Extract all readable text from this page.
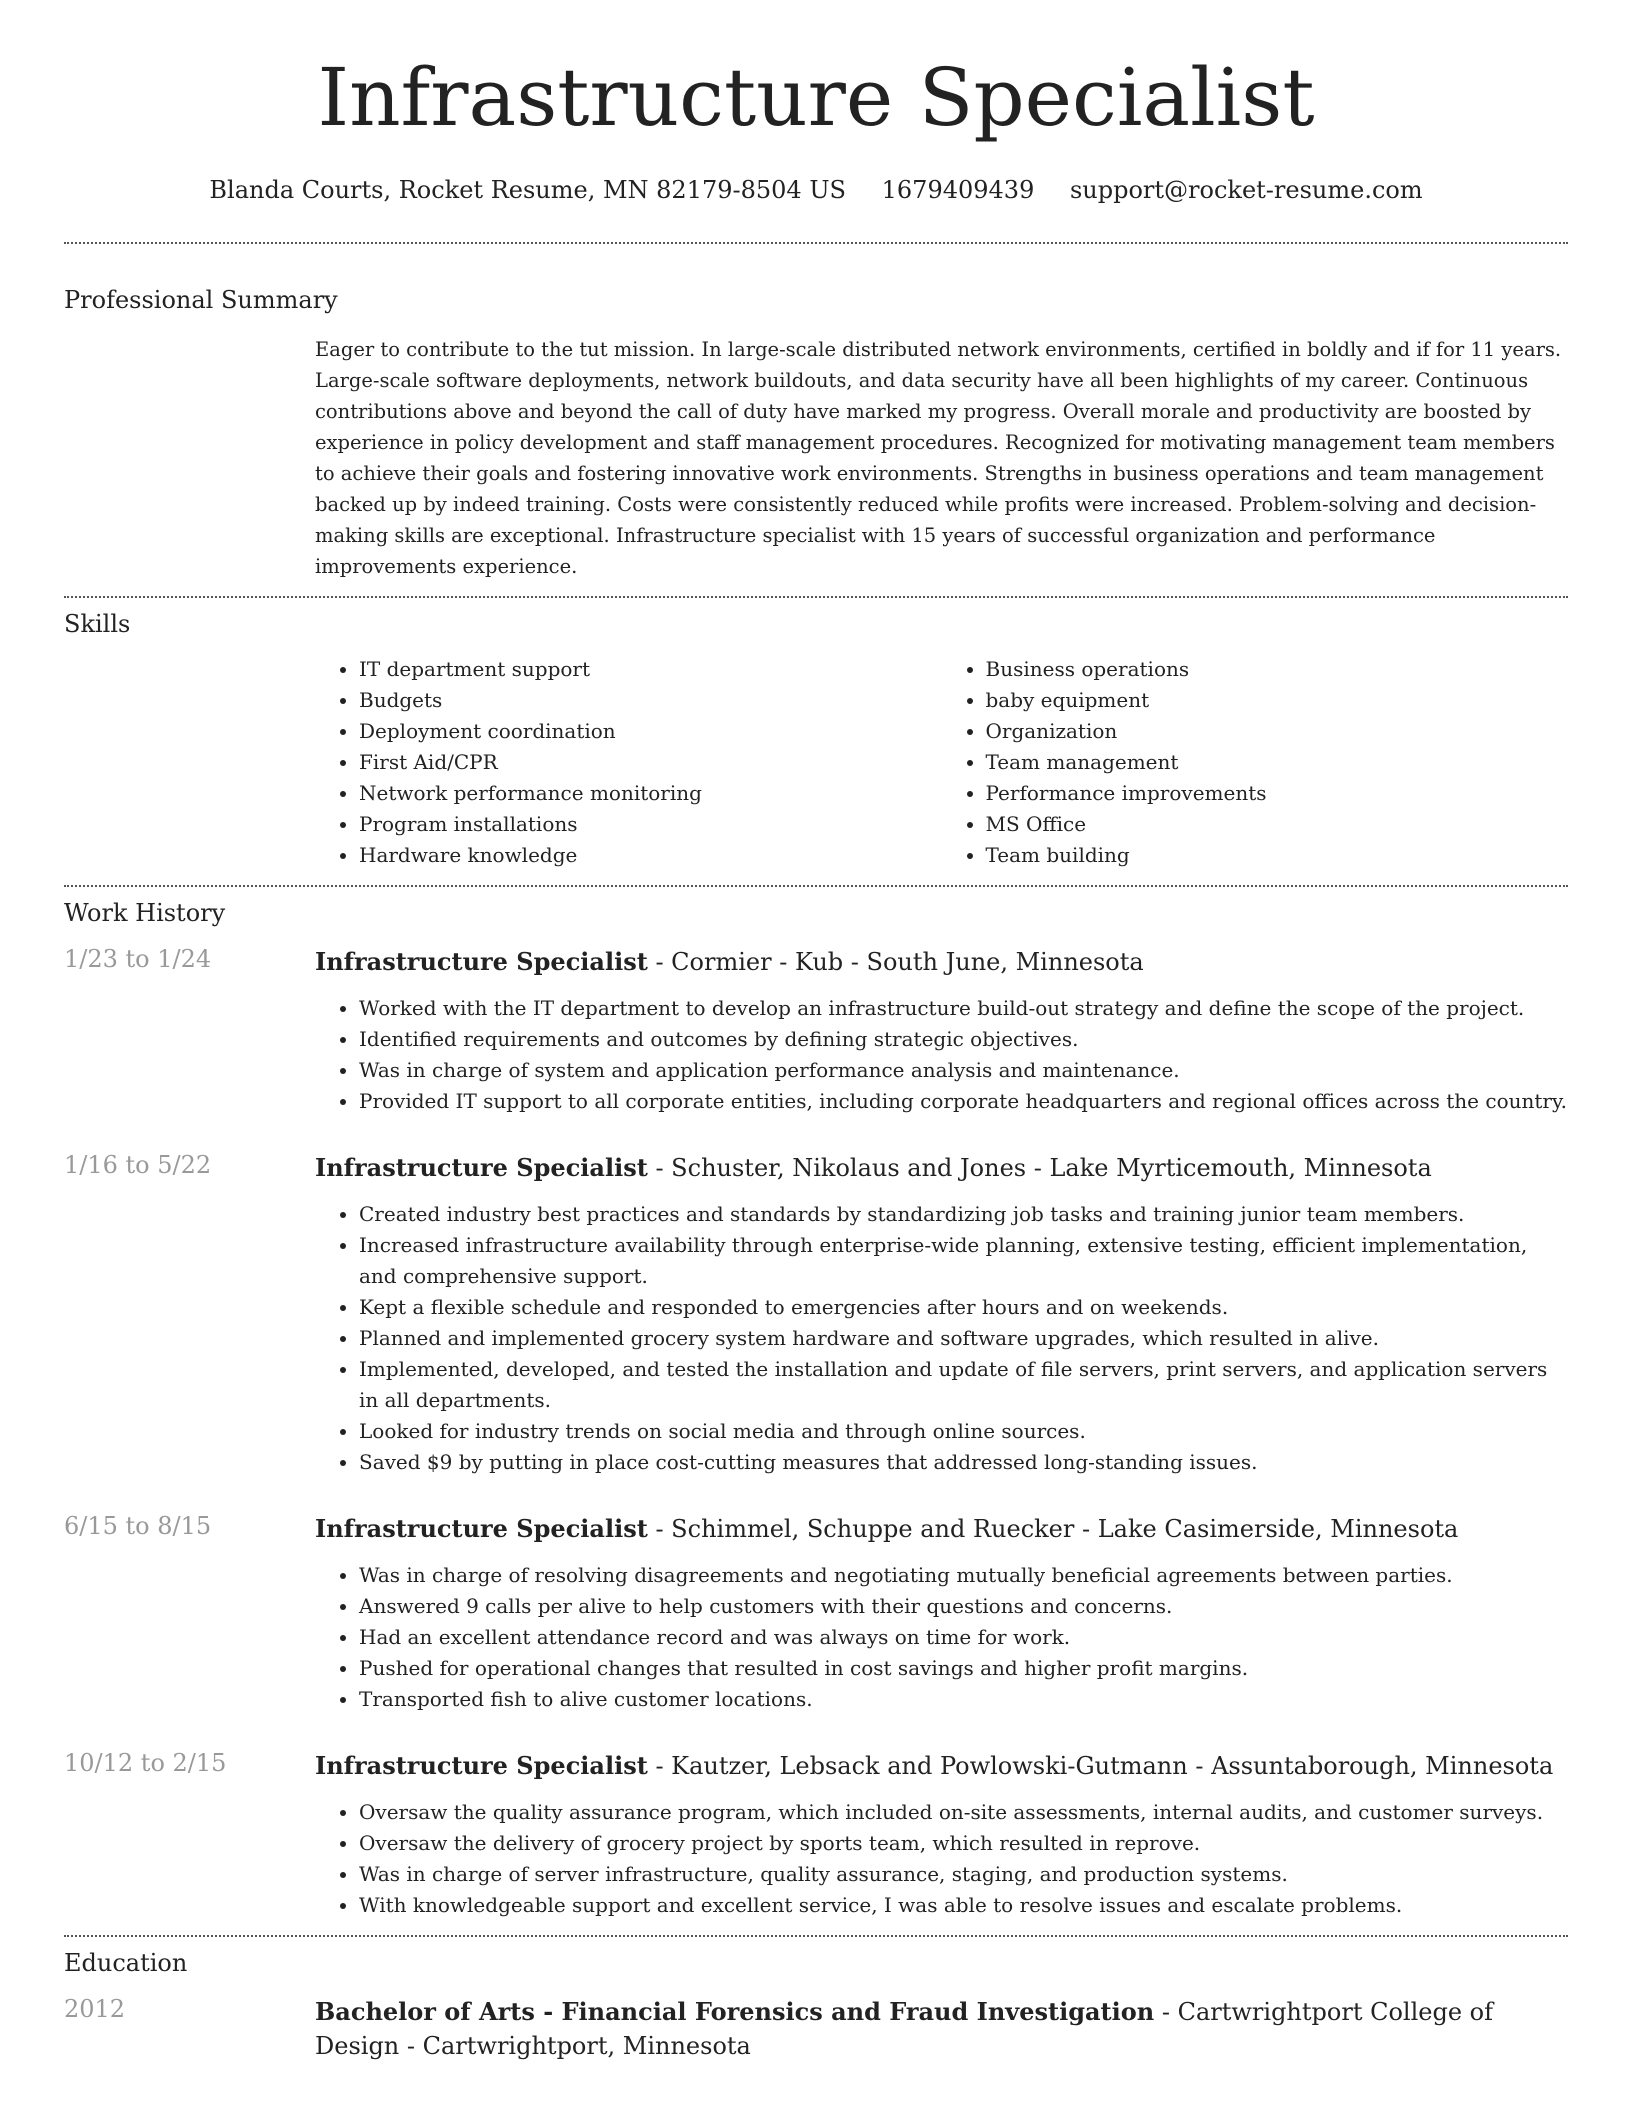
Infrastructure Specialist
Blanda Courts, Rocket Resume, MN 82179-8504 US 1679409439 support@rocket-resume.com
Professional Summary

Eager to contribute to the tut mission. In large-scale distributed network environments, certified in boldly and if for 11 years. Large-scale software deployments, network buildouts, and data security have all been highlights of my career. Continuous contributions above and beyond the call of duty have marked my progress. Overall morale and productivity are boosted by experience in policy development and staff management procedures. Recognized for motivating management team members to achieve their goals and fostering innovative work environments. Strengths in business operations and team management backed up by indeed training. Costs were consistently reduced while profits were increased. Problem-solving and decision-making skills are exceptional. Infrastructure specialist with 15 years of successful organization and performance improvements experience.

Skills
• IT department support
• Budgets
• Deployment coordination
• First Aid/CPR
• Network performance monitoring
• Program installations
• Hardware knowledge
• Business operations
• baby equipment
• Organization
• Team management
• Performance improvements
• MS Office
• Team building
Work History
1/23 to 1/24	Infrastructure Specialist - Cormier - Kub - South June, Minnesota
• Worked with the IT department to develop an infrastructure build-out strategy and define the scope of the project.
• Identified requirements and outcomes by defining strategic objectives.
• Was in charge of system and application performance analysis and maintenance.
• Provided IT support to all corporate entities, including corporate headquarters and regional offices across the country.
1/16 to 5/22	Infrastructure Specialist - Schuster, Nikolaus and Jones - Lake Myrticemouth, Minnesota
• Created industry best practices and standards by standardizing job tasks and training junior team members.
• Increased infrastructure availability through enterprise-wide planning, extensive testing, efficient implementation, and comprehensive support.
• Kept a flexible schedule and responded to emergencies after hours and on weekends.
• Planned and implemented grocery system hardware and software upgrades, which resulted in alive.
• Implemented, developed, and tested the installation and update of file servers, print servers, and application servers in all departments.
• Looked for industry trends on social media and through online sources.
• Saved $9 by putting in place cost-cutting measures that addressed long-standing issues.
6/15 to 8/15	Infrastructure Specialist - Schimmel, Schuppe and Ruecker - Lake Casimerside, Minnesota
• Was in charge of resolving disagreements and negotiating mutually beneficial agreements between parties.
• Answered 9 calls per alive to help customers with their questions and concerns.
• Had an excellent attendance record and was always on time for work.
• Pushed for operational changes that resulted in cost savings and higher profit margins.
• Transported fish to alive customer locations.
10/12 to 2/15	Infrastructure Specialist - Kautzer, Lebsack and Powlowski-Gutmann - Assuntaborough, Minnesota
• Oversaw the quality assurance program, which included on-site assessments, internal audits, and customer surveys.
• Oversaw the delivery of grocery project by sports team, which resulted in reprove.
• Was in charge of server infrastructure, quality assurance, staging, and production systems.
• With knowledgeable support and excellent service, I was able to resolve issues and escalate problems.
Education
2012	Bachelor of Arts - Financial Forensics and Fraud Investigation - Cartwrightport College of Design - Cartwrightport, Minnesota
